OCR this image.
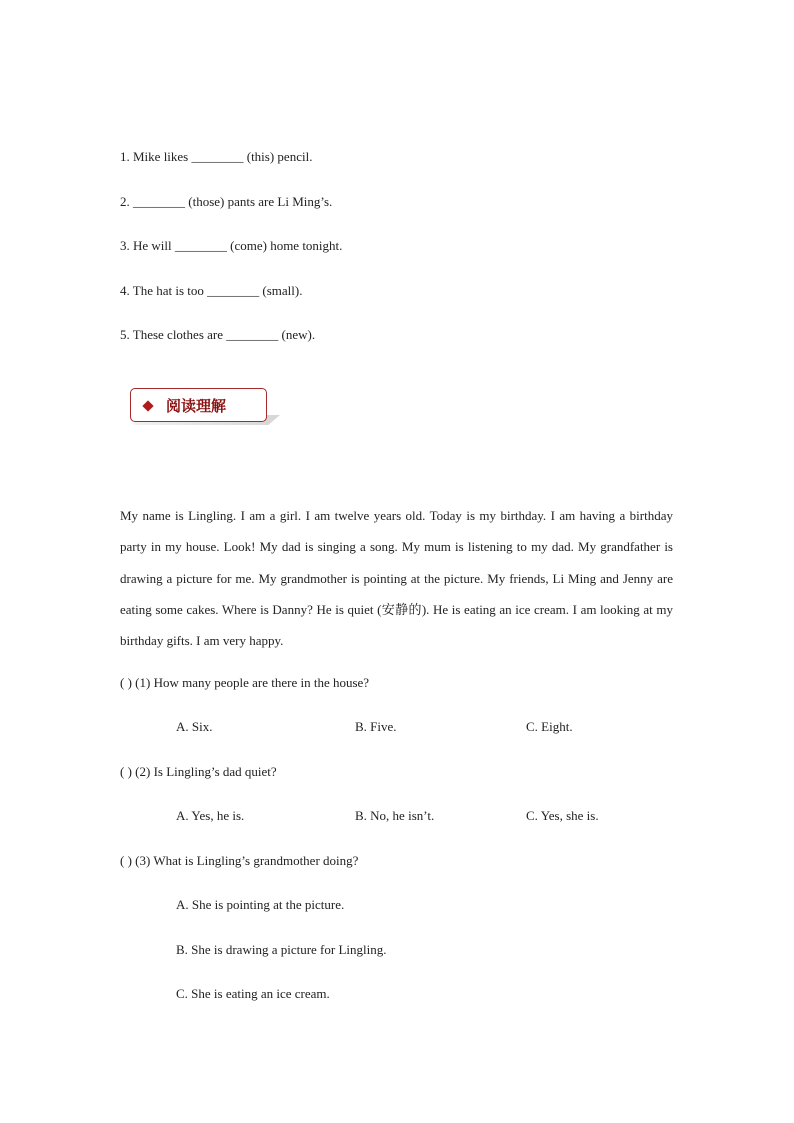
1. Mike likes ________ (this) pencil.
2. ________ (those) pants are Li Ming’s.
3. He will ________ (come) home tonight.
4. The hat is too ________ (small).
5. These clothes are ________ (new).
阅读理解
My name is Lingling. I am a girl. I am twelve years old. Today is my birthday. I am having a birthday party in my house. Look! My dad is singing a song. My mum is listening to my dad. My grandfather is drawing a picture for me. My grandmother is pointing at the picture. My friends, Li Ming and Jenny are eating some cakes. Where is Danny? He is quiet (安静的). He is eating an ice cream. I am looking at my birthday gifts. I am very happy.
( ) (1) How many people are there in the house?
A. Six.	B. Five.	C. Eight.
( ) (2) Is Lingling’s dad quiet?
A. Yes, he is.	B. No, he isn’t.	C. Yes, she is.
( ) (3) What is Lingling’s grandmother doing?
A. She is pointing at the picture.
B. She is drawing a picture for Lingling.
C. She is eating an ice cream.
